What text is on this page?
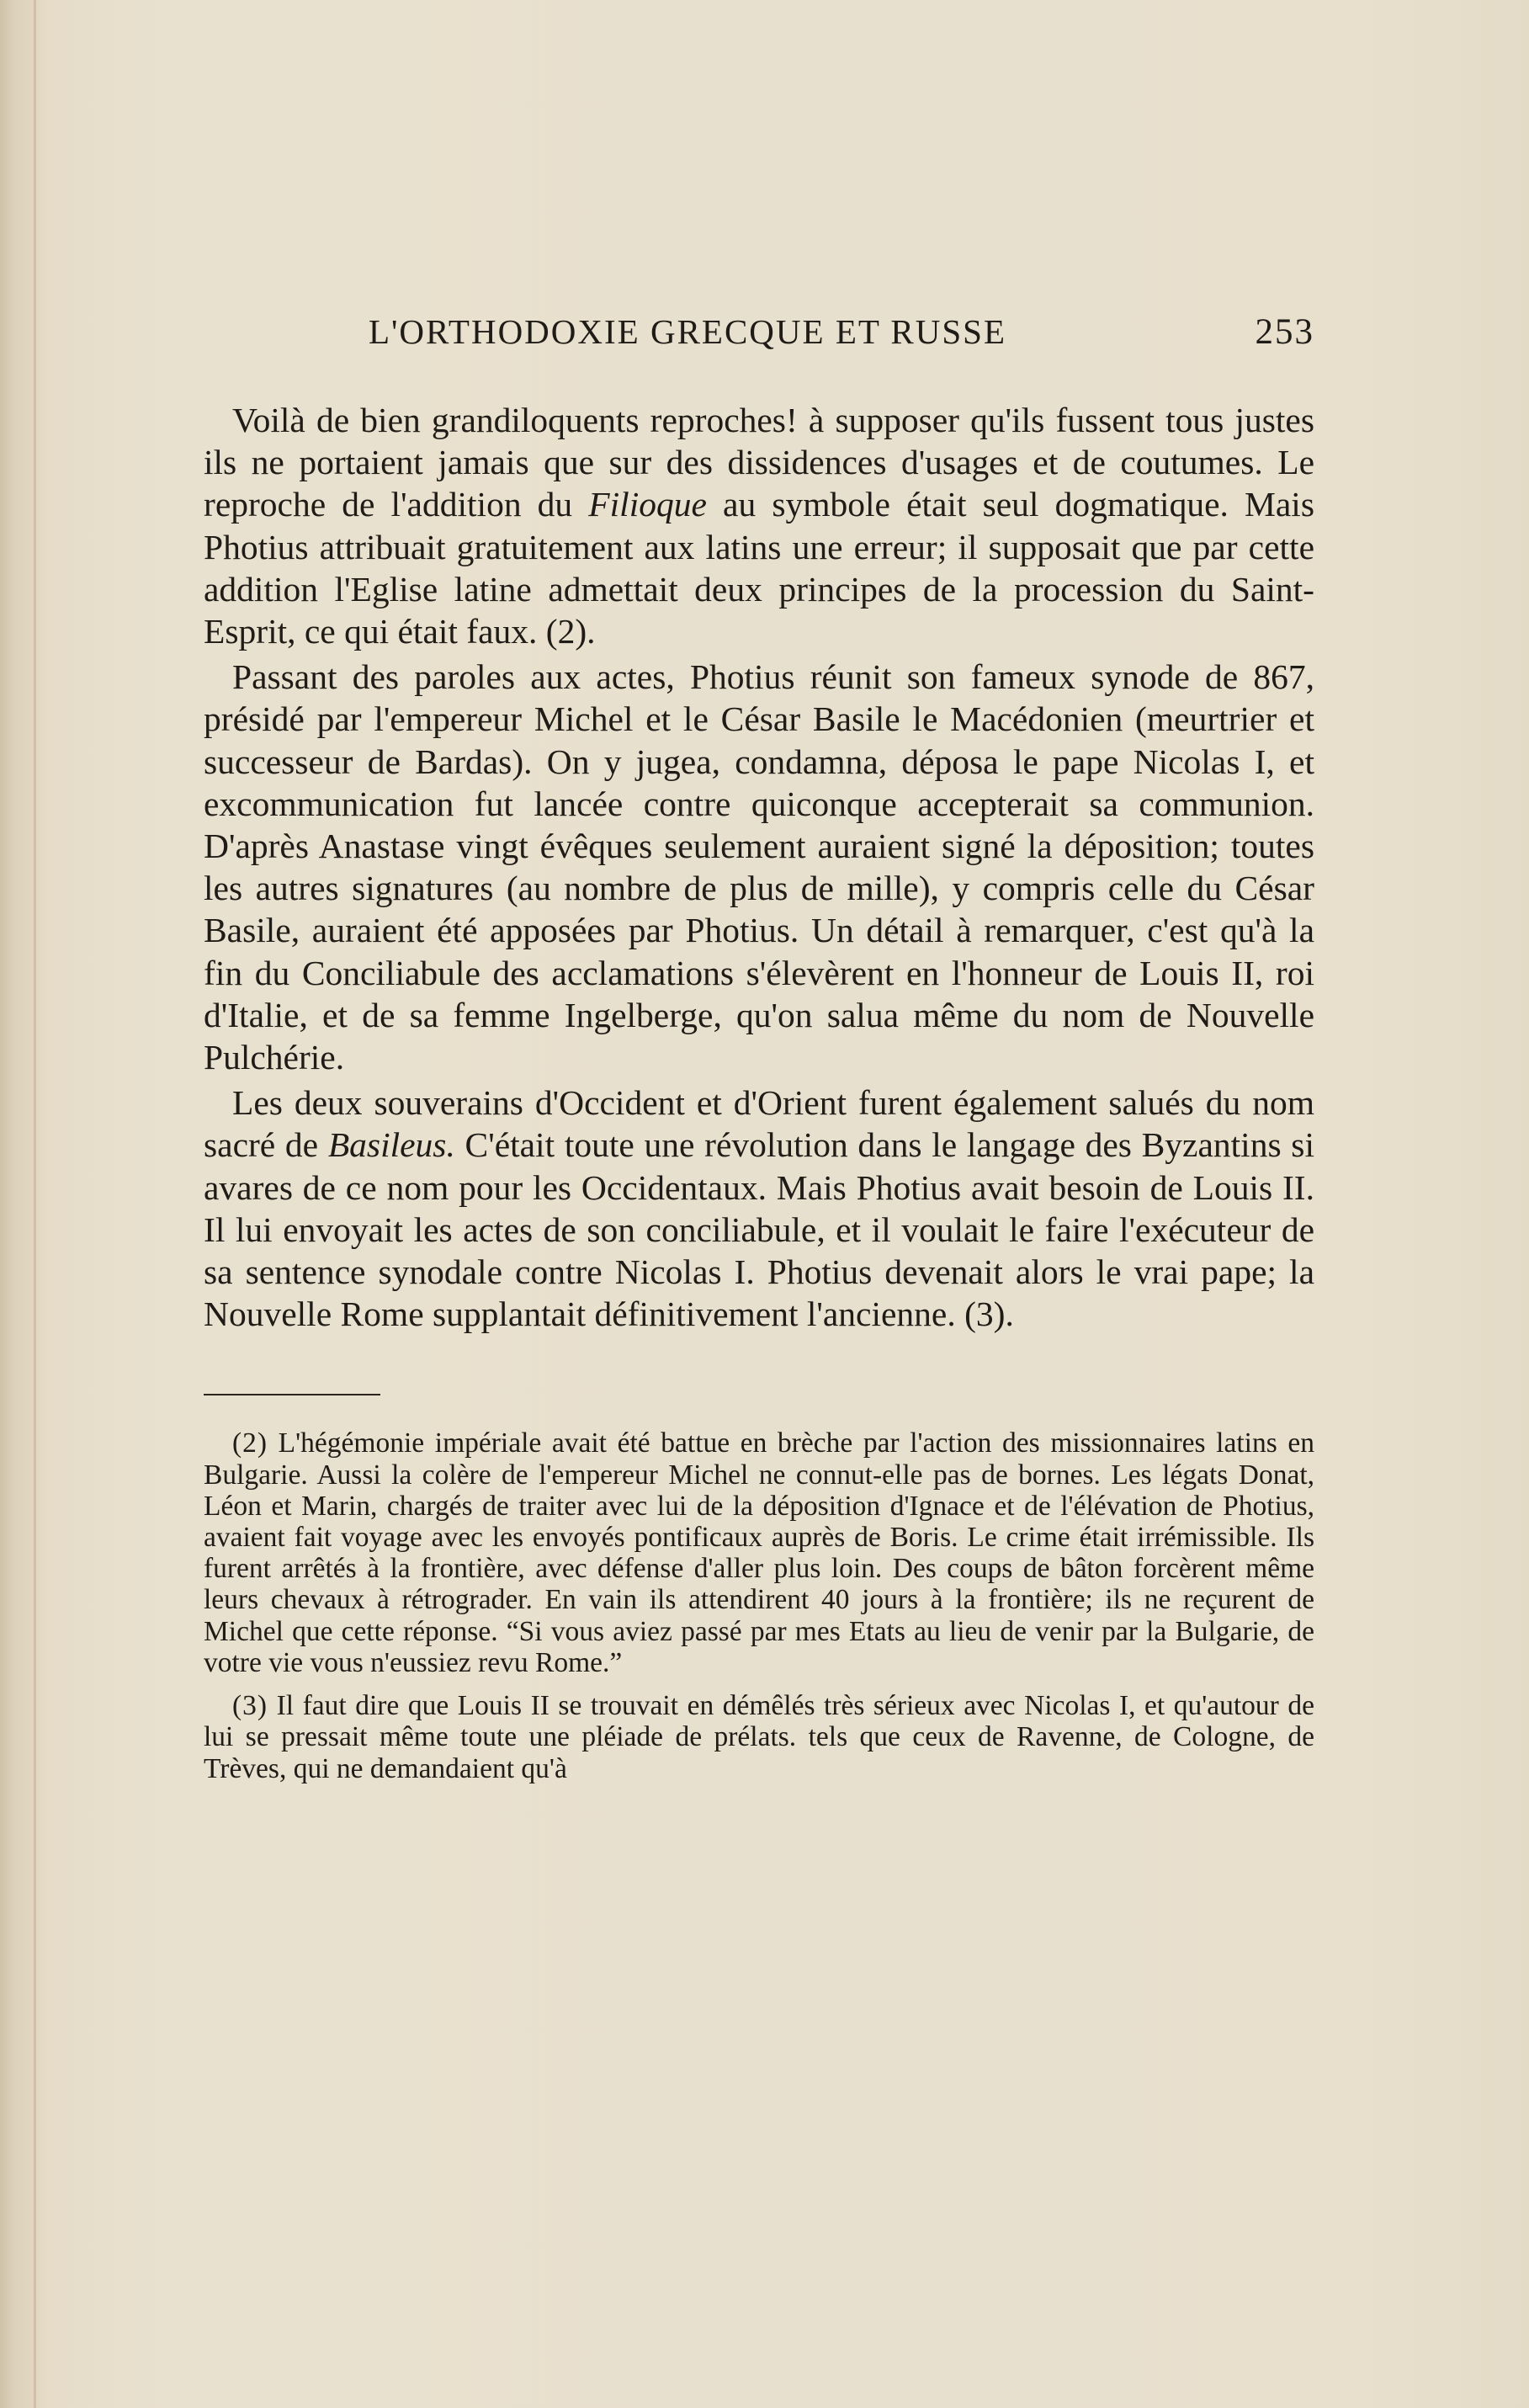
L'ORTHODOXIE GRECQUE ET RUSSE	253

Voilà de bien grandiloquents reproches! à supposer qu'ils fussent tous justes ils ne portaient jamais que sur des dissidences d'usages et de coutumes. Le reproche de l'addition du Filioque au symbole était seul dogmatique. Mais Photius attribuait gratuitement aux latins une erreur; il supposait que par cette addition l'Eglise latine admettait deux principes de la procession du Saint-Esprit, ce qui était faux. (2).

Passant des paroles aux actes, Photius réunit son fameux synode de 867, présidé par l'empereur Michel et le César Basile le Macédonien (meurtrier et successeur de Bardas). On y jugea, condamna, déposa le pape Nicolas I, et excommunication fut lancée contre quiconque accepterait sa communion. D'après Anastase vingt évêques seulement auraient signé la déposition; toutes les autres signatures (au nombre de plus de mille), y compris celle du César Basile, auraient été apposées par Photius. Un détail à remarquer, c'est qu'à la fin du Conciliabule des acclamations s'élevèrent en l'honneur de Louis II, roi d'Italie, et de sa femme Ingelberge, qu'on salua même du nom de Nouvelle Pulchérie.

Les deux souverains d'Occident et d'Orient furent également salués du nom sacré de Basileus. C'était toute une révolution dans le langage des Byzantins si avares de ce nom pour les Occidentaux. Mais Photius avait besoin de Louis II. Il lui envoyait les actes de son conciliabule, et il voulait le faire l'exécuteur de sa sentence synodale contre Nicolas I. Photius devenait alors le vrai pape; la Nouvelle Rome supplantait définitivement l'ancienne. (3).

(2) L'hégémonie impériale avait été battue en brèche par l'action des missionnaires latins en Bulgarie. Aussi la colère de l'empereur Michel ne connut-elle pas de bornes. Les légats Donat, Léon et Marin, chargés de traiter avec lui de la déposition d'Ignace et de l'élévation de Photius, avaient fait voyage avec les envoyés pontificaux auprès de Boris. Le crime était irrémissible. Ils furent arrêtés à la frontière, avec défense d'aller plus loin. Des coups de bâton forcèrent même leurs chevaux à rétrograder. En vain ils attendirent 40 jours à la frontière; ils ne reçurent de Michel que cette réponse. “Si vous aviez passé par mes Etats au lieu de venir par la Bulgarie, de votre vie vous n'eussiez revu Rome.”

(3) Il faut dire que Louis II se trouvait en démêlés très sérieux avec Nicolas I, et qu'autour de lui se pressait même toute une pléiade de prélats. tels que ceux de Ravenne, de Cologne, de Trèves, qui ne demandaient qu'à
